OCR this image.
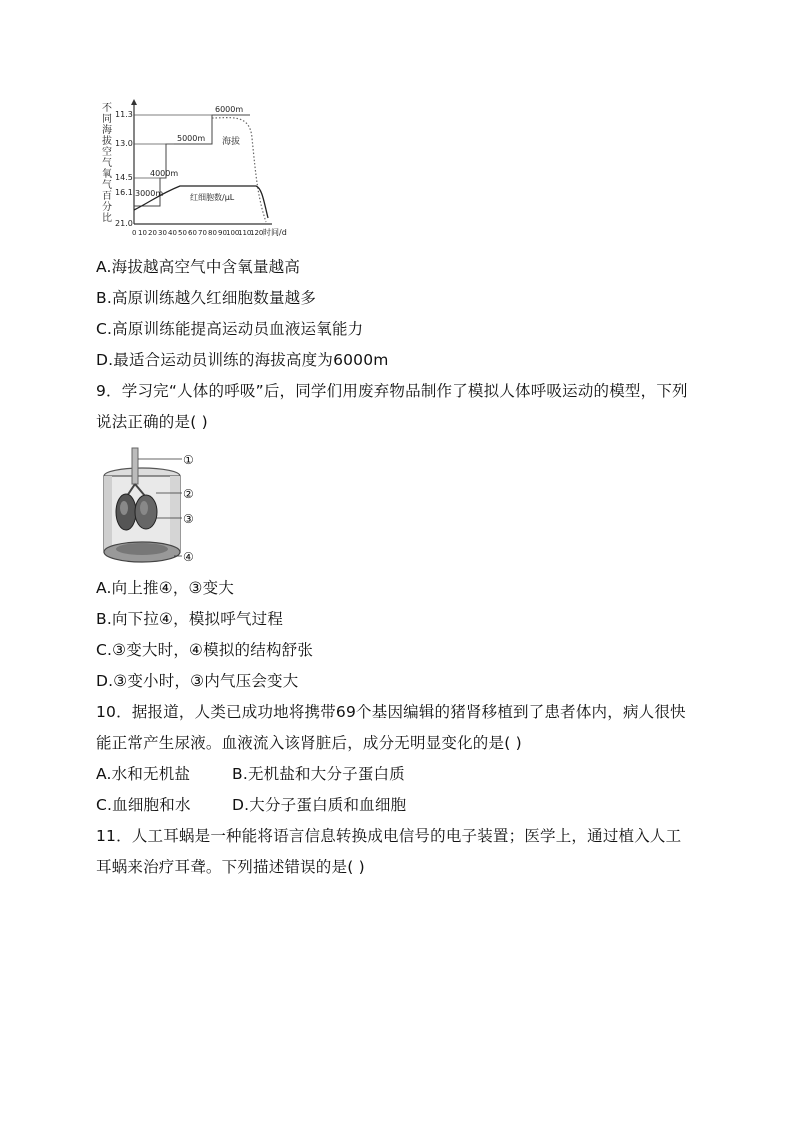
不
同
海
拔
空
气
氧
气
百
分
比
11.3
13.0
14.5
16.1
21.0
0 10 20 30 40 50 60 70 80 90 100
110
120 时间/d
6000m
5000m
4000m
3000m
海拔
红细胞数/μL
A.海拔越高空气中含氧量越高
B.高原训练越久红细胞数量越多
C.高原训练能提高运动员血液运氧能力
D.最适合运动员训练的海拔高度为6000m
9．学习完“人体的呼吸”后，同学们用废弃物品制作了模拟人体呼吸运动的模型，下列
说法正确的是( )
①
②
③
④
A.向上推④，③变大
B.向下拉④，模拟呼气过程
C.③变大时，④模拟的结构舒张
D.③变小时，③内气压会变大
10．据报道，人类已成功地将携带69个基因编辑的猪肾移植到了患者体内，病人很快
能正常产生尿液。血液流入该肾脏后，成分无明显变化的是( )
A.水和无机盐	B.无机盐和大分子蛋白质
C.血细胞和水	D.大分子蛋白质和血细胞
11．人工耳蜗是一种能将语言信息转换成电信号的电子装置；医学上，通过植入人工
耳蜗来治疗耳聋。下列描述错误的是( )
